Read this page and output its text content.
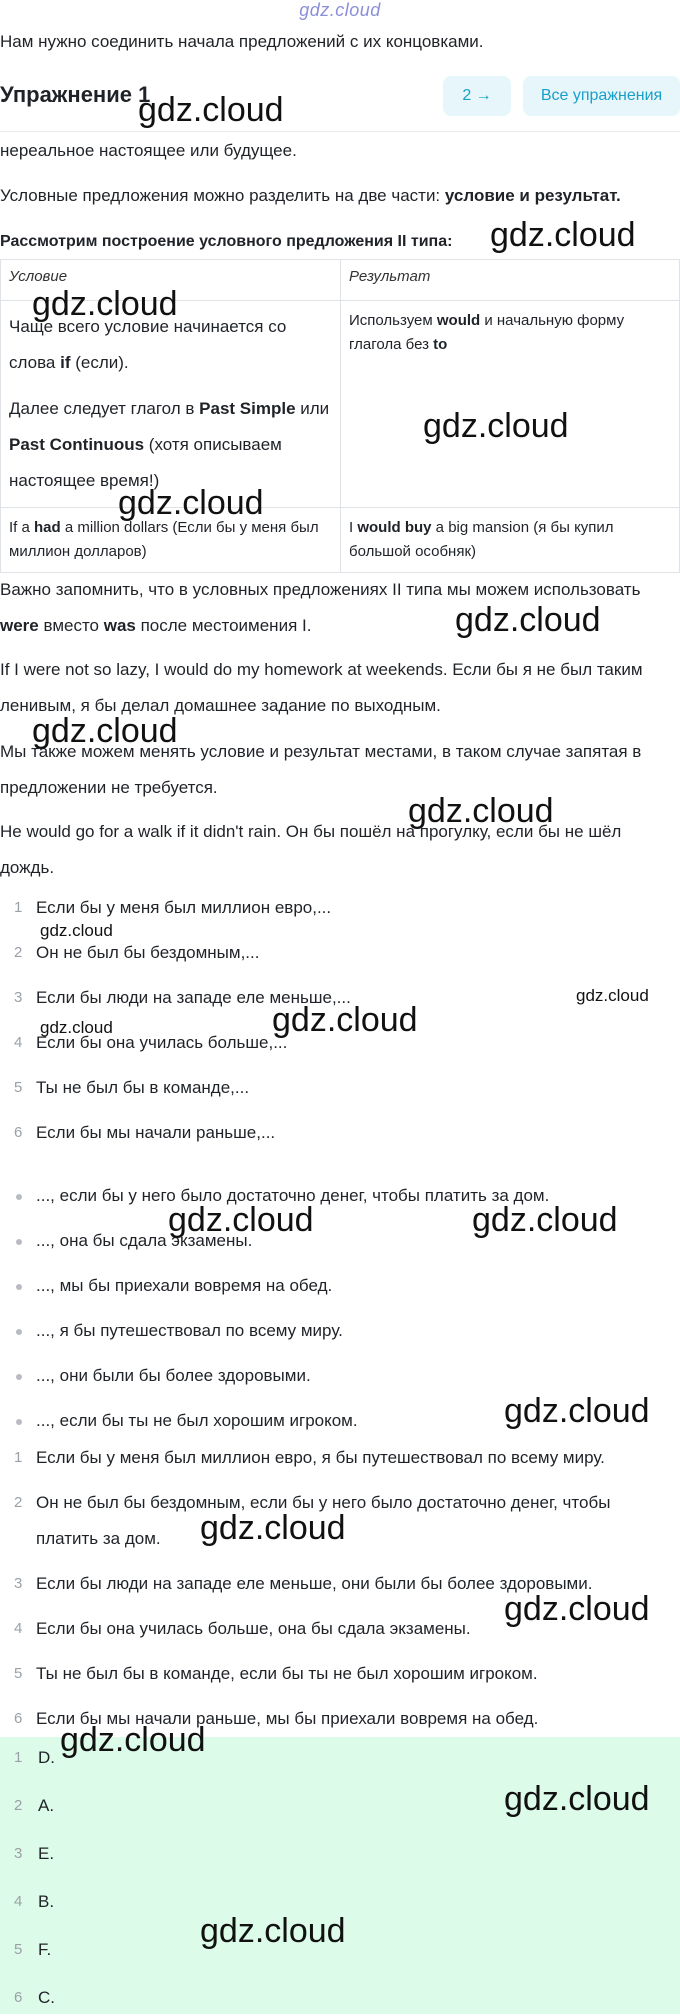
gdz.cloud
Нам нужно соединить начала предложений с их концовками.
Упражнение 1	2 →	Все упражнения
нереальное настоящее или будущее.
Условные предложения можно разделить на две части: условие и результат.
Рассмотрим построение условного предложения II типа:
Условие	Результат

Чаще всего условие начинается со слова if (если).
Далее следует глагол в Past Simple или Past Continuous (хотя описываем настоящее время!)	Используем would и начальную форму глагола без to

If a had a million dollars (Если бы у меня был миллион долларов)	I would buy a big mansion (я бы купил большой особняк)
Важно запомнить, что в условных предложениях II типа мы можем использовать were вместо was после местоимения I.
If I were not so lazy, I would do my homework at weekends. Если бы я не был таким ленивым, я бы делал домашнее задание по выходным.
Мы также можем менять условие и результат местами, в таком случае запятая в предложении не требуется.
He would go for a walk if it didn't rain. Он бы пошёл на прогулку, если бы не шёл дождь.
1 Если бы у меня был миллион евро,...
2 Он не был бы бездомным,...
3 Если бы люди на западе еле меньше,...
4 Если бы она училась больше,...
5 Ты не был бы в команде,...
6 Если бы мы начали раньше,...
..., если бы у него было достаточно денег, чтобы платить за дом.
..., она бы сдала экзамены.
..., мы бы приехали вовремя на обед.
..., я бы путешествовал по всему миру.
..., они были бы более здоровыми.
..., если бы ты не был хорошим игроком.
1 Если бы у меня был миллион евро, я бы путешествовал по всему миру.
2 Он не был бы бездомным, если бы у него было достаточно денег, чтобы платить за дом.
3 Если бы люди на западе еле меньше, они были бы более здоровыми.
4 Если бы она училась больше, она бы сдала экзамены.
5 Ты не был бы в команде, если бы ты не был хорошим игроком.
6 Если бы мы начали раньше, мы бы приехали вовремя на обед.
1 D.
2 A.
3 E.
4 B.
5 F.
6 C.
gdz.cloud
gdz.cloud
gdz.cloud
gdz.cloud
gdz.cloud
gdz.cloud
gdz.cloud
gdz.cloud
gdz.cloud
gdz.cloud
gdz.cloud	gdz.cloud
gdz.cloud	gdz.cloud
gdz.cloud
gdz.cloud
gdz.cloud
gdz.cloud
gdz.cloud
gdz.cloud
